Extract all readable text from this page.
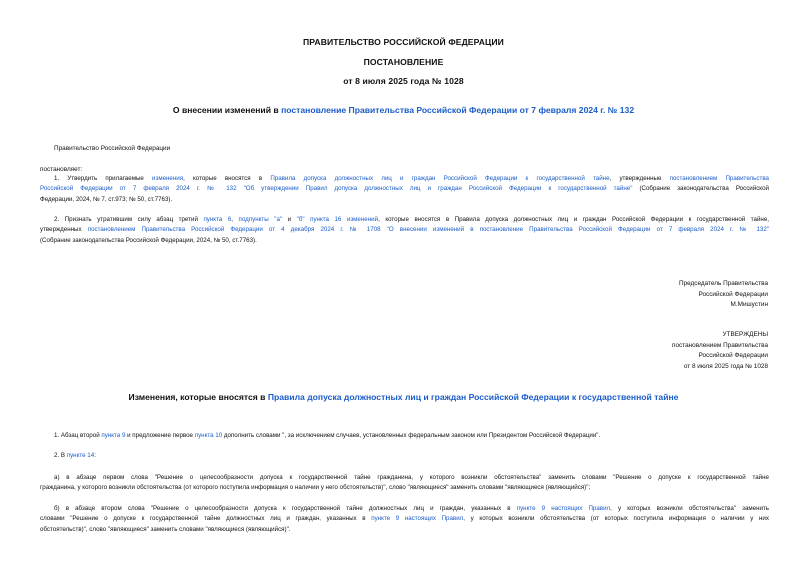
ПРАВИТЕЛЬСТВО РОССИЙСКОЙ ФЕДЕРАЦИИ
ПОСТАНОВЛЕНИЕ
от 8 июля 2025 года № 1028
О внесении изменений в постановление Правительства Российской Федерации от 7 февраля 2024 г. № 132
Правительство Российской Федерации
постановляет:
1. Утвердить прилагаемые изменения, которые вносятся в Правила допуска должностных лиц и граждан Российской Федерации к государственной тайне, утвержденные постановлением Правительства
Российской Федерации от 7 февраля 2024 г. № 132 "Об утверждении Правил допуска должностных лиц и граждан Российской Федерации к государственной тайне" (Собрание законодательства Российской
Федерации, 2024, № 7, ст.973; № 50, ст.7763).
2. Признать утратившим силу абзац третий пункта 6, подпункты "а" и "б" пункта 16 изменений, которые вносятся в Правила допуска должностных лиц и граждан Российской Федерации к государственной тайне,
утвержденных постановлением Правительства Российской Федерации от 4 декабря 2024 г. № 1708 "О внесении изменений в постановление Правительства Российской Федерации от 7 февраля 2024 г. № 132"
(Собрание законодательства Российской Федерации, 2024, № 50, ст.7763).
Председатель Правительства
Российской Федерации
М.Мишустин
УТВЕРЖДЕНЫ
постановлением Правительства
Российской Федерации
от 8 июля 2025 года № 1028
Изменения, которые вносятся в Правила допуска должностных лиц и граждан Российской Федерации к государственной тайне
1. Абзац второй пункта 9 и предложение первое пункта 10 дополнить словами ", за исключением случаев, установленных федеральным законом или Президентом Российской Федерации".
2. В пункте 14:
а) в абзаце первом слова "Решение о целесообразности допуска к государственной тайне гражданина, у которого возникли обстоятельства" заменить словами "Решение о допуске к государственной тайне
гражданина, у которого возникли обстоятельства (от которого поступила информация о наличии у него обстоятельств)", слово "являющиеся" заменить словами "являющиеся (являющийся)";
б) в абзаце втором слова "Решение о целесообразности допуска к государственной тайне должностных лиц и граждан, указанных в пункте 9 настоящих Правил, у которых возникли обстоятельства" заменить
словами "Решение о допуске к государственной тайне должностных лиц и граждан, указанных в пункте 9 настоящих Правил, у которых возникли обстоятельства (от которых поступила информация о наличии у них
обстоятельств)", слово "являющиеся" заменить словами "являющиеся (являющийся)".
